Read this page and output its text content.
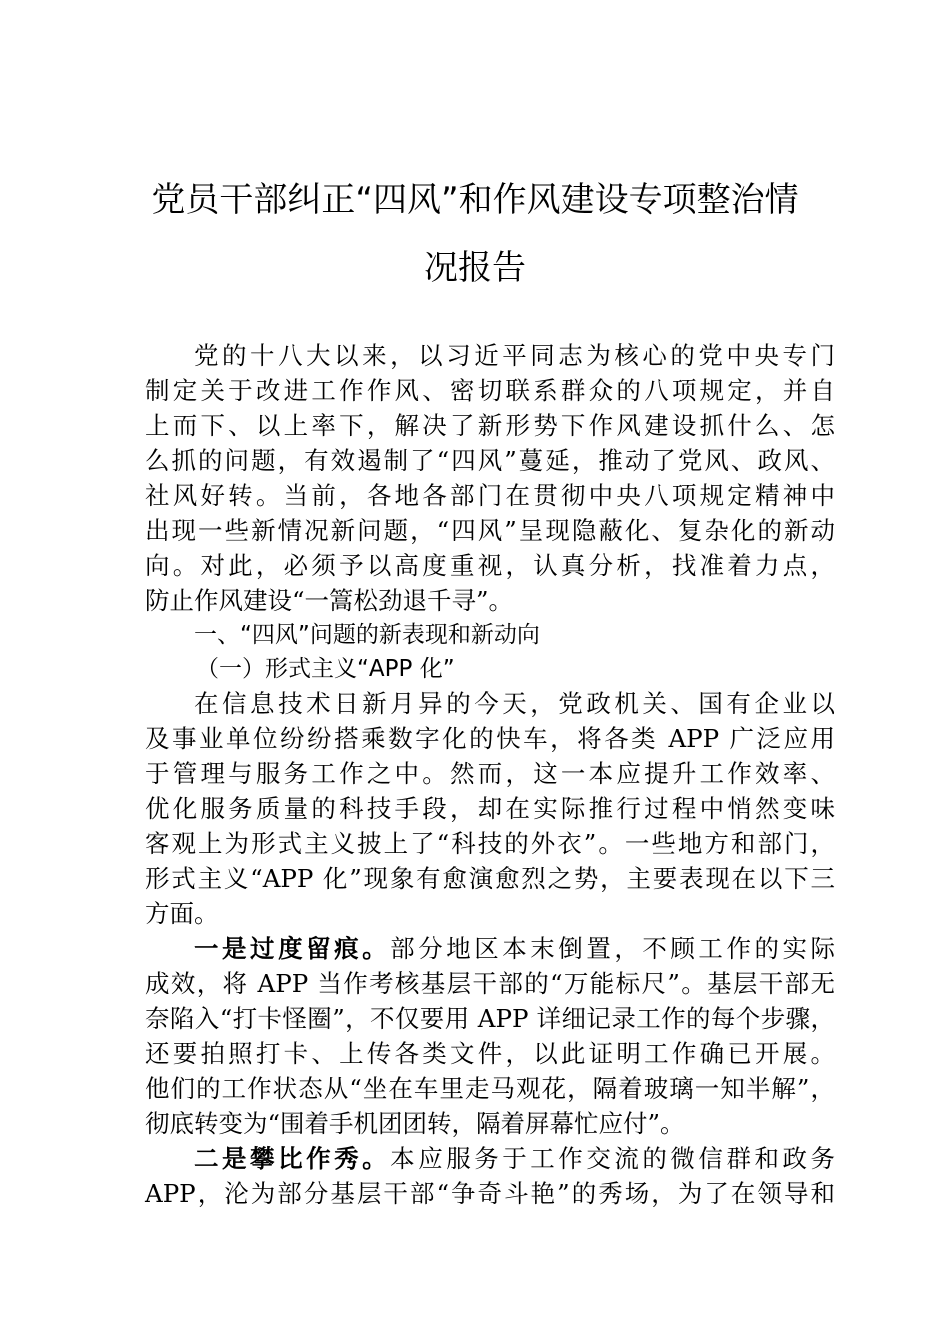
党员干部纠正“四风”和作风建设专项整治情
况报告
党的十八大以来，以习近平同志为核心的党中央专门
制定关于改进工作作风、密切联系群众的八项规定，并自
上而下、以上率下，解决了新形势下作风建设抓什么、怎
么抓的问题，有效遏制了“四风”蔓延，推动了党风、政风、
社风好转。当前，各地各部门在贯彻中央八项规定精神中
出现一些新情况新问题，“四风”呈现隐蔽化、复杂化的新动
向。对此，必须予以高度重视，认真分析，找准着力点，
防止作风建设“一篙松劲退千寻”。
一、“四风”问题的新表现和新动向
（一）形式主义“APP 化”
在信息技术日新月异的今天，党政机关、国有企业以
及事业单位纷纷搭乘数字化的快车，将各类 APP 广泛应用
于管理与服务工作之中。然而，这一本应提升工作效率、
优化服务质量的科技手段，却在实际推行过程中悄然变味
客观上为形式主义披上了“科技的外衣”。一些地方和部门，
形式主义“APP 化”现象有愈演愈烈之势，主要表现在以下三
方面。
一是过度留痕。部分地区本末倒置，不顾工作的实际
成效，将 APP 当作考核基层干部的“万能标尺”。基层干部无
奈陷入“打卡怪圈”，不仅要用 APP 详细记录工作的每个步骤，
还要拍照打卡、上传各类文件，以此证明工作确已开展。
他们的工作状态从“坐在车里走马观花，隔着玻璃一知半解”，
彻底转变为“围着手机团团转，隔着屏幕忙应付”。
二是攀比作秀。本应服务于工作交流的微信群和政务
APP，沦为部分基层干部“争奇斗艳”的秀场，为了在领导和
